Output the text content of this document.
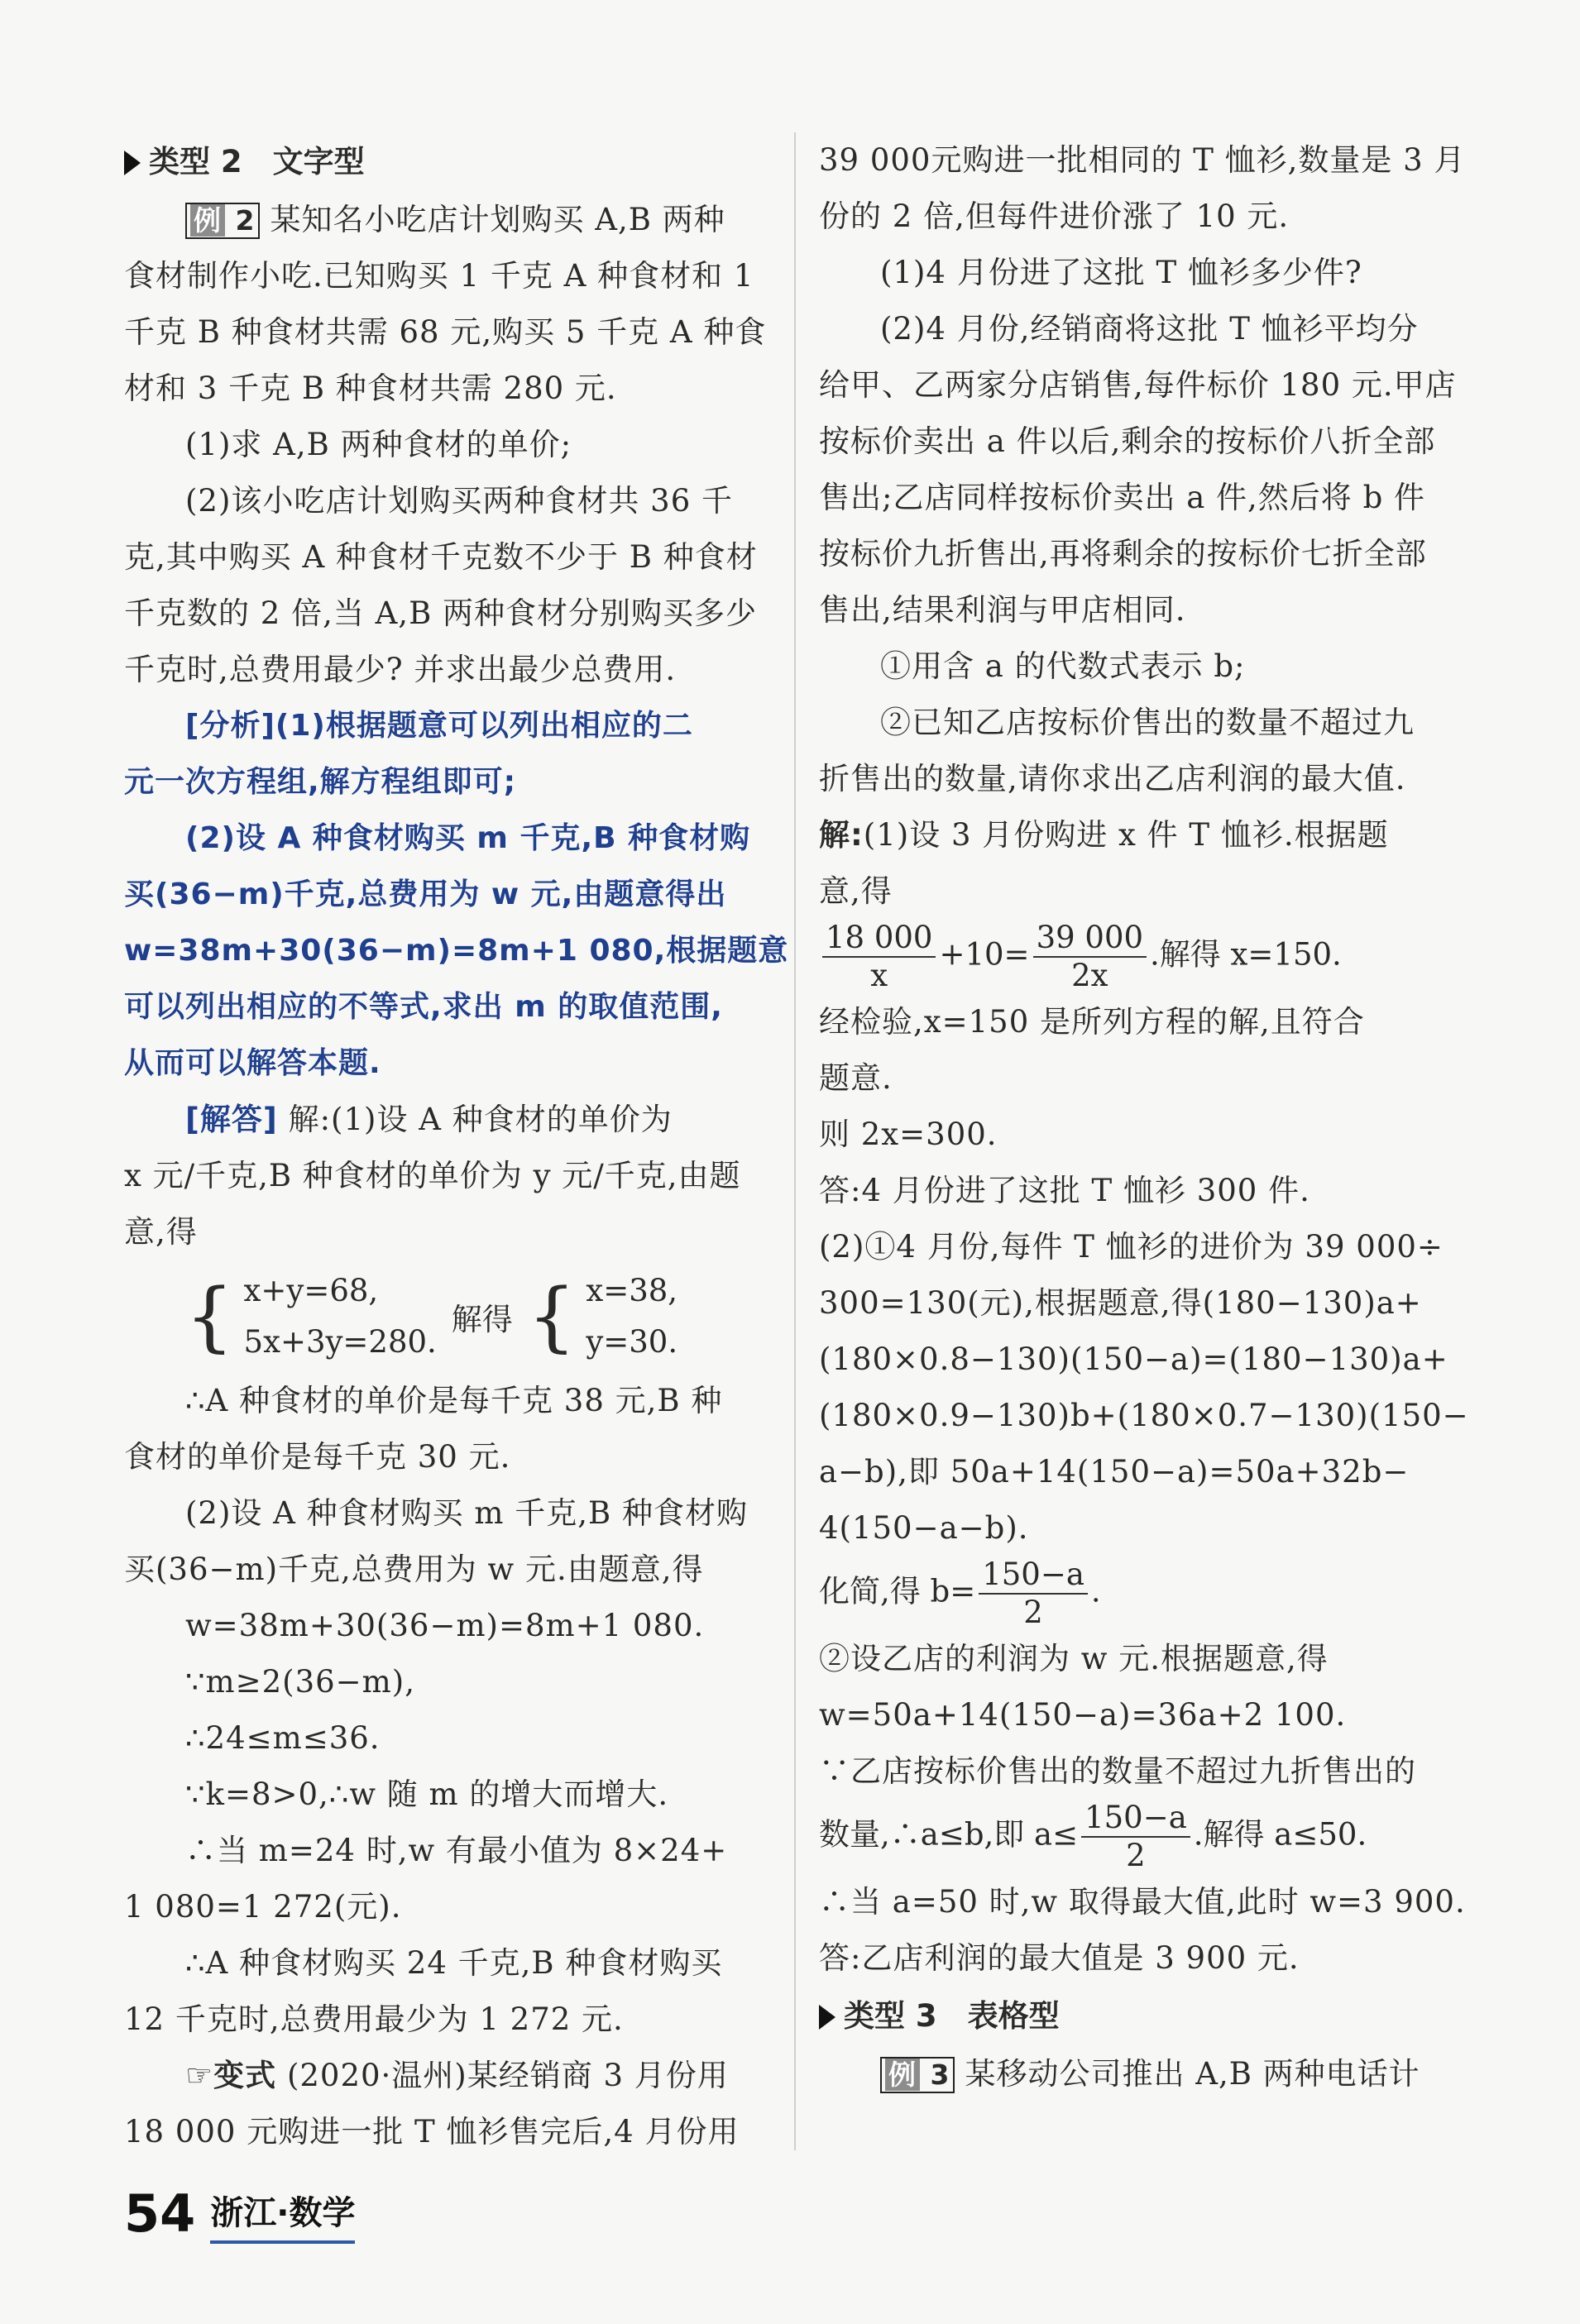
类型 2　文字型
例 2 某知名小吃店计划购买 A,B 两种
食材制作小吃.已知购买 1 千克 A 种食材和 1
千克 B 种食材共需 68 元,购买 5 千克 A 种食
材和 3 千克 B 种食材共需 280 元.
(1)求 A,B 两种食材的单价;
(2)该小吃店计划购买两种食材共 36 千
克,其中购买 A 种食材千克数不少于 B 种食材
千克数的 2 倍,当 A,B 两种食材分别购买多少
千克时,总费用最少? 并求出最少总费用.
[分析](1)根据题意可以列出相应的二
元一次方程组,解方程组即可;
(2)设 A 种食材购买 m 千克,B 种食材购
买(36−m)千克,总费用为 w 元,由题意得出
w=38m+30(36−m)=8m+1 080,根据题意
可以列出相应的不等式,求出 m 的取值范围,
从而可以解答本题.
[解答] 解:(1)设 A 种食材的单价为
x 元/千克,B 种食材的单价为 y 元/千克,由题
意,得
{ x+y=68,
5x+3y=280.
解得 { x=38,
y=30.
∴A 种食材的单价是每千克 38 元,B 种
食材的单价是每千克 30 元.
(2)设 A 种食材购买 m 千克,B 种食材购
买(36−m)千克,总费用为 w 元.由题意,得
w=38m+30(36−m)=8m+1 080.
∵m≥2(36−m),
∴24≤m≤36.
∵k=8>0,∴w 随 m 的增大而增大.
∴当 m=24 时,w 有最小值为 8×24+
1 080=1 272(元).
∴A 种食材购买 24 千克,B 种食材购买
12 千克时,总费用最少为 1 272 元.
☞变式 (2020·温州)某经销商 3 月份用
18 000 元购进一批 T 恤衫售完后,4 月份用
39 000元购进一批相同的 T 恤衫,数量是 3 月
份的 2 倍,但每件进价涨了 10 元.
(1)4 月份进了这批 T 恤衫多少件?
(2)4 月份,经销商将这批 T 恤衫平均分
给甲、乙两家分店销售,每件标价 180 元.甲店
按标价卖出 a 件以后,剩余的按标价八折全部
售出;乙店同样按标价卖出 a 件,然后将 b 件
按标价九折售出,再将剩余的按标价七折全部
售出,结果利润与甲店相同.
①用含 a 的代数式表示 b;
②已知乙店按标价售出的数量不超过九
折售出的数量,请你求出乙店利润的最大值.
解:(1)设 3 月份购进 x 件 T 恤衫.根据题
意,得
$\frac{18 000}{x} +10= \frac{39 000}{2x}$ .解得 x=150.
经检验,x=150 是所列方程的解,且符合
题意.
则 2x=300.
答:4 月份进了这批 T 恤衫 300 件.
(2)①4 月份,每件 T 恤衫的进价为 39 000÷
300=130(元),根据题意,得(180−130)a+
(180×0.8−130)(150−a)=(180−130)a+
(180×0.9−130)b+(180×0.7−130)(150−
a−b),即 50a+14(150−a)=50a+32b−
4(150−a−b).
化简,得 $b= \frac{150-a}{2}$ .
②设乙店的利润为 w 元.根据题意,得
w=50a+14(150−a)=36a+2 100.
∵乙店按标价售出的数量不超过九折售出的
数量,∴a≤b,即 $a\le \frac{150-a}{2}$ .解得 a≤50.
∴当 a=50 时,w 取得最大值,此时 w=3 900.
答:乙店利润的最大值是 3 900 元.
类型 3　表格型
例 3 某移动公司推出 A,B 两种电话计
54 浙江·数学
